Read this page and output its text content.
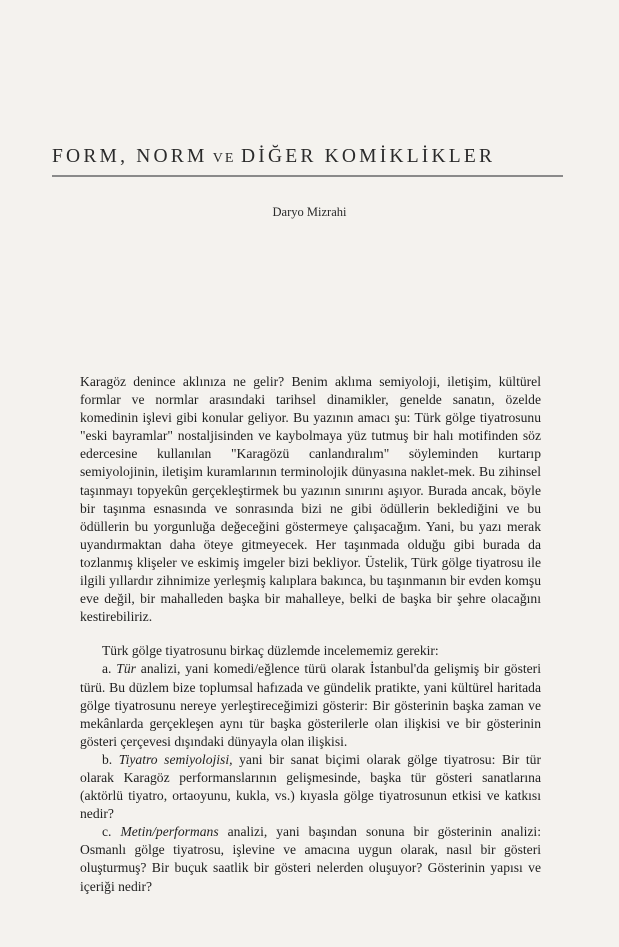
FORM, NORM VE DİĞER KOMİKLİKLER
Daryo Mizrahi

Karagöz denince aklınıza ne gelir? Benim aklıma semiyoloji, iletişim, kültürel formlar ve normlar arasındaki tarihsel dinamikler, genelde sanatın, özelde komedinin işlevi gibi konular geliyor. Bu yazının amacı şu: Türk gölge tiyatrosunu "eski bayramlar" nostaljisinden ve kaybolmaya yüz tutmuş bir halı motifinden söz edercesine kullanılan "Karagözü canlandıralım" söyleminden kurtarıp semiyolojinin, iletişim kuramlarının terminolojik dünyasına naklet-mek. Bu zihinsel taşınmayı topyekûn gerçekleştirmek bu yazının sınırını aşıyor. Burada ancak, böyle bir taşınma esnasında ve sonrasında bizi ne gibi ödüllerin beklediğini ve bu ödüllerin bu yorgunluğa değeceğini göstermeye çalışacağım. Yani, bu yazı merak uyandırmaktan daha öteye gitmeyecek. Her taşınmada olduğu gibi burada da tozlanmış klişeler ve eskimiş imgeler bizi bekliyor. Üstelik, Türk gölge tiyatrosu ile ilgili yıllardır zihnimize yerleşmiş kalıplara bakınca, bu taşınmanın bir evden komşu eve değil, bir mahalleden başka bir mahalleye, belki de başka bir şehre olacağını kestirebiliriz.

Türk gölge tiyatrosunu birkaç düzlemde incelememiz gerekir:

a. Tür analizi, yani komedi/eğlence türü olarak İstanbul'da gelişmiş bir gösteri türü. Bu düzlem bize toplumsal hafızada ve gündelik pratikte, yani kültürel haritada gölge tiyatrosunu nereye yerleştireceğimizi gösterir: Bir gösterinin başka zaman ve mekânlarda gerçekleşen aynı tür başka gösterilerle olan ilişkisi ve bir gösterinin gösteri çerçevesi dışındaki dünyayla olan ilişkisi.

b. Tiyatro semiyolojisi, yani bir sanat biçimi olarak gölge tiyatrosu: Bir tür olarak Karagöz performanslarının gelişmesinde, başka tür gösteri sanatlarına (aktörlü tiyatro, ortaoyunu, kukla, vs.) kıyasla gölge tiyatrosunun etkisi ve katkısı nedir?

c. Metin/performans analizi, yani başından sonuna bir gösterinin analizi: Osmanlı gölge tiyatrosu, işlevine ve amacına uygun olarak, nasıl bir gösteri oluşturmuş? Bir buçuk saatlik bir gösteri nelerden oluşuyor? Gösterinin yapısı ve içeriği nedir?
